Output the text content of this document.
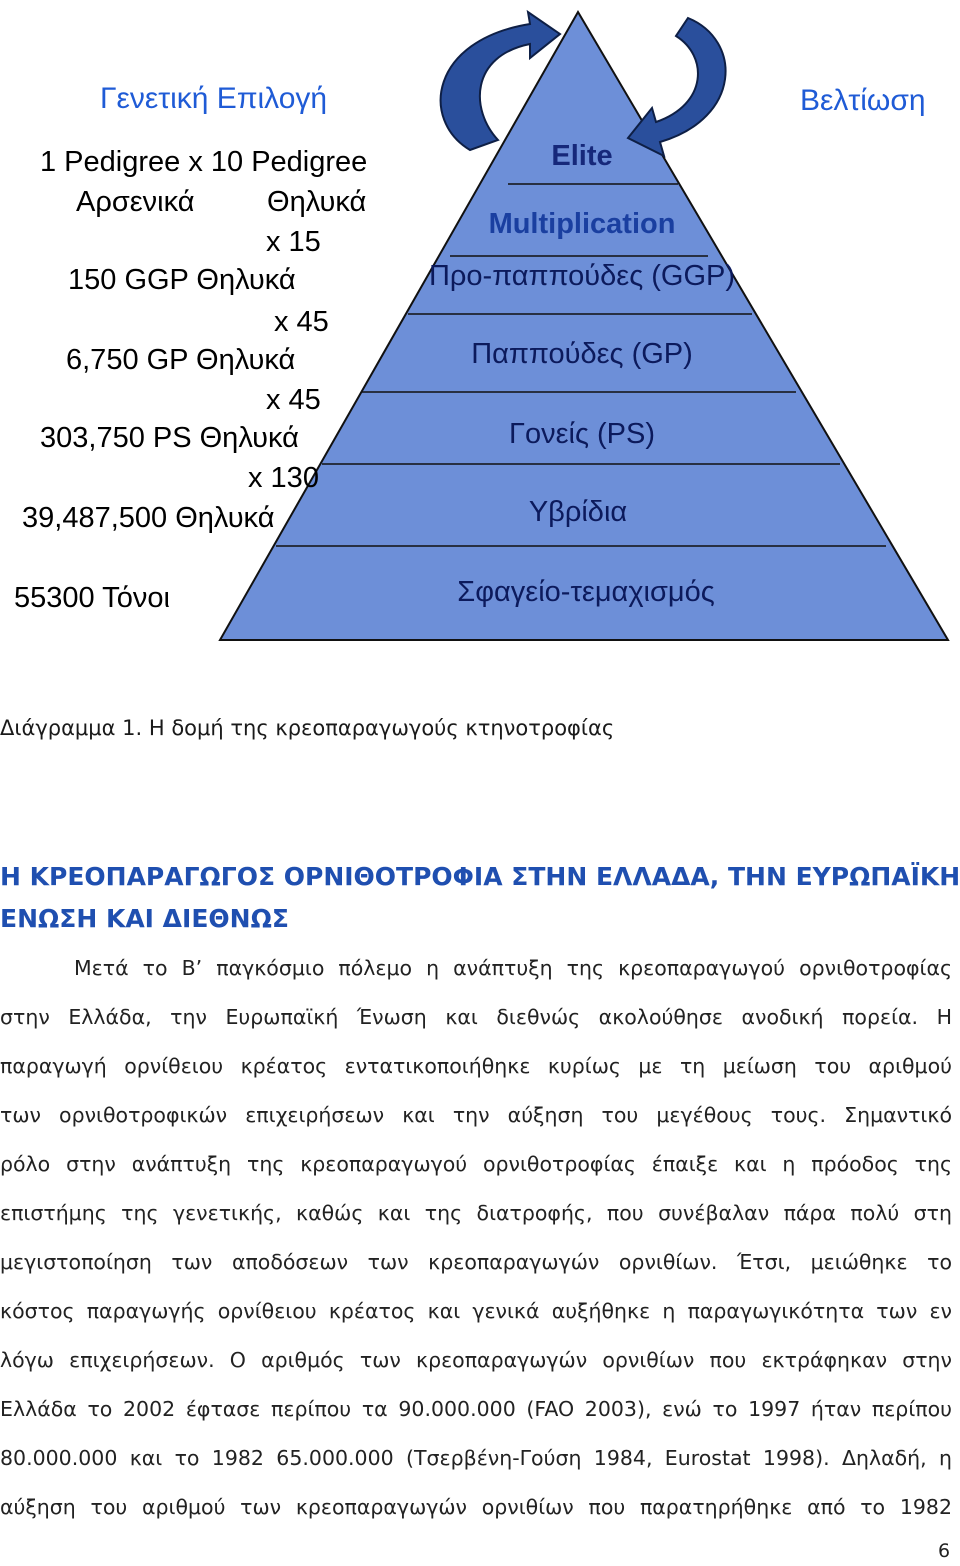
Γενετική Επιλογή	Βελτίωση
1 Pedigree x 10 Pedigree
Αρσενικά         Θηλυκά
x 15
150 GGP Θηλυκά
x 45
6,750 GP Θηλυκά
x 45
303,750 PS Θηλυκά
x 130
39,487,500 Θηλυκά
55300 Τόνοι
Elite
Multiplication
Προ-παππούδες (GGP)
Παππούδες (GP)
Γονείς (PS)
Υβρίδια
Σφαγείο-τεμαχισμός
Διάγραμμα 1. Η δομή της κρεοπαραγωγούς κτηνοτροφίας
Η ΚΡΕΟΠΑΡΑΓΩΓΟΣ ΟΡΝΙΘΟΤΡΟΦΙΑ ΣΤΗΝ ΕΛΛΑΔΑ, ΤΗΝ ΕΥΡΩΠΑΪΚΗ
ΕΝΩΣΗ ΚΑΙ ΔΙΕΘΝΩΣ
Μετά το Β’ παγκόσμιο πόλεμο η ανάπτυξη της κρεοπαραγωγού ορνιθοτροφίας
στην Ελλάδα, την Ευρωπαϊκή Ένωση και διεθνώς ακολούθησε ανοδική πορεία. Η
παραγωγή ορνίθειου κρέατος εντατικοποιήθηκε κυρίως με τη μείωση του αριθμού
των ορνιθοτροφικών επιχειρήσεων και την αύξηση του μεγέθους τους. Σημαντικό
ρόλο στην ανάπτυξη της κρεοπαραγωγού ορνιθοτροφίας έπαιξε και η πρόοδος της
επιστήμης της γενετικής, καθώς και της διατροφής, που συνέβαλαν πάρα πολύ στη
μεγιστοποίηση των αποδόσεων των κρεοπαραγωγών ορνιθίων. Έτσι, μειώθηκε το
κόστος παραγωγής ορνίθειου κρέατος και γενικά αυξήθηκε η παραγωγικότητα των εν
λόγω επιχειρήσεων. Ο αριθμός των κρεοπαραγωγών ορνιθίων που εκτράφηκαν στην
Ελλάδα το 2002 έφτασε περίπου τα 90.000.000 (FAO 2003), ενώ το 1997 ήταν περίπου
80.000.000 και το 1982 65.000.000 (Τσερβένη-Γούση 1984, Eurostat 1998). Δηλαδή, η
αύξηση του αριθμού των κρεοπαραγωγών ορνιθίων που παρατηρήθηκε από το 1982
6
